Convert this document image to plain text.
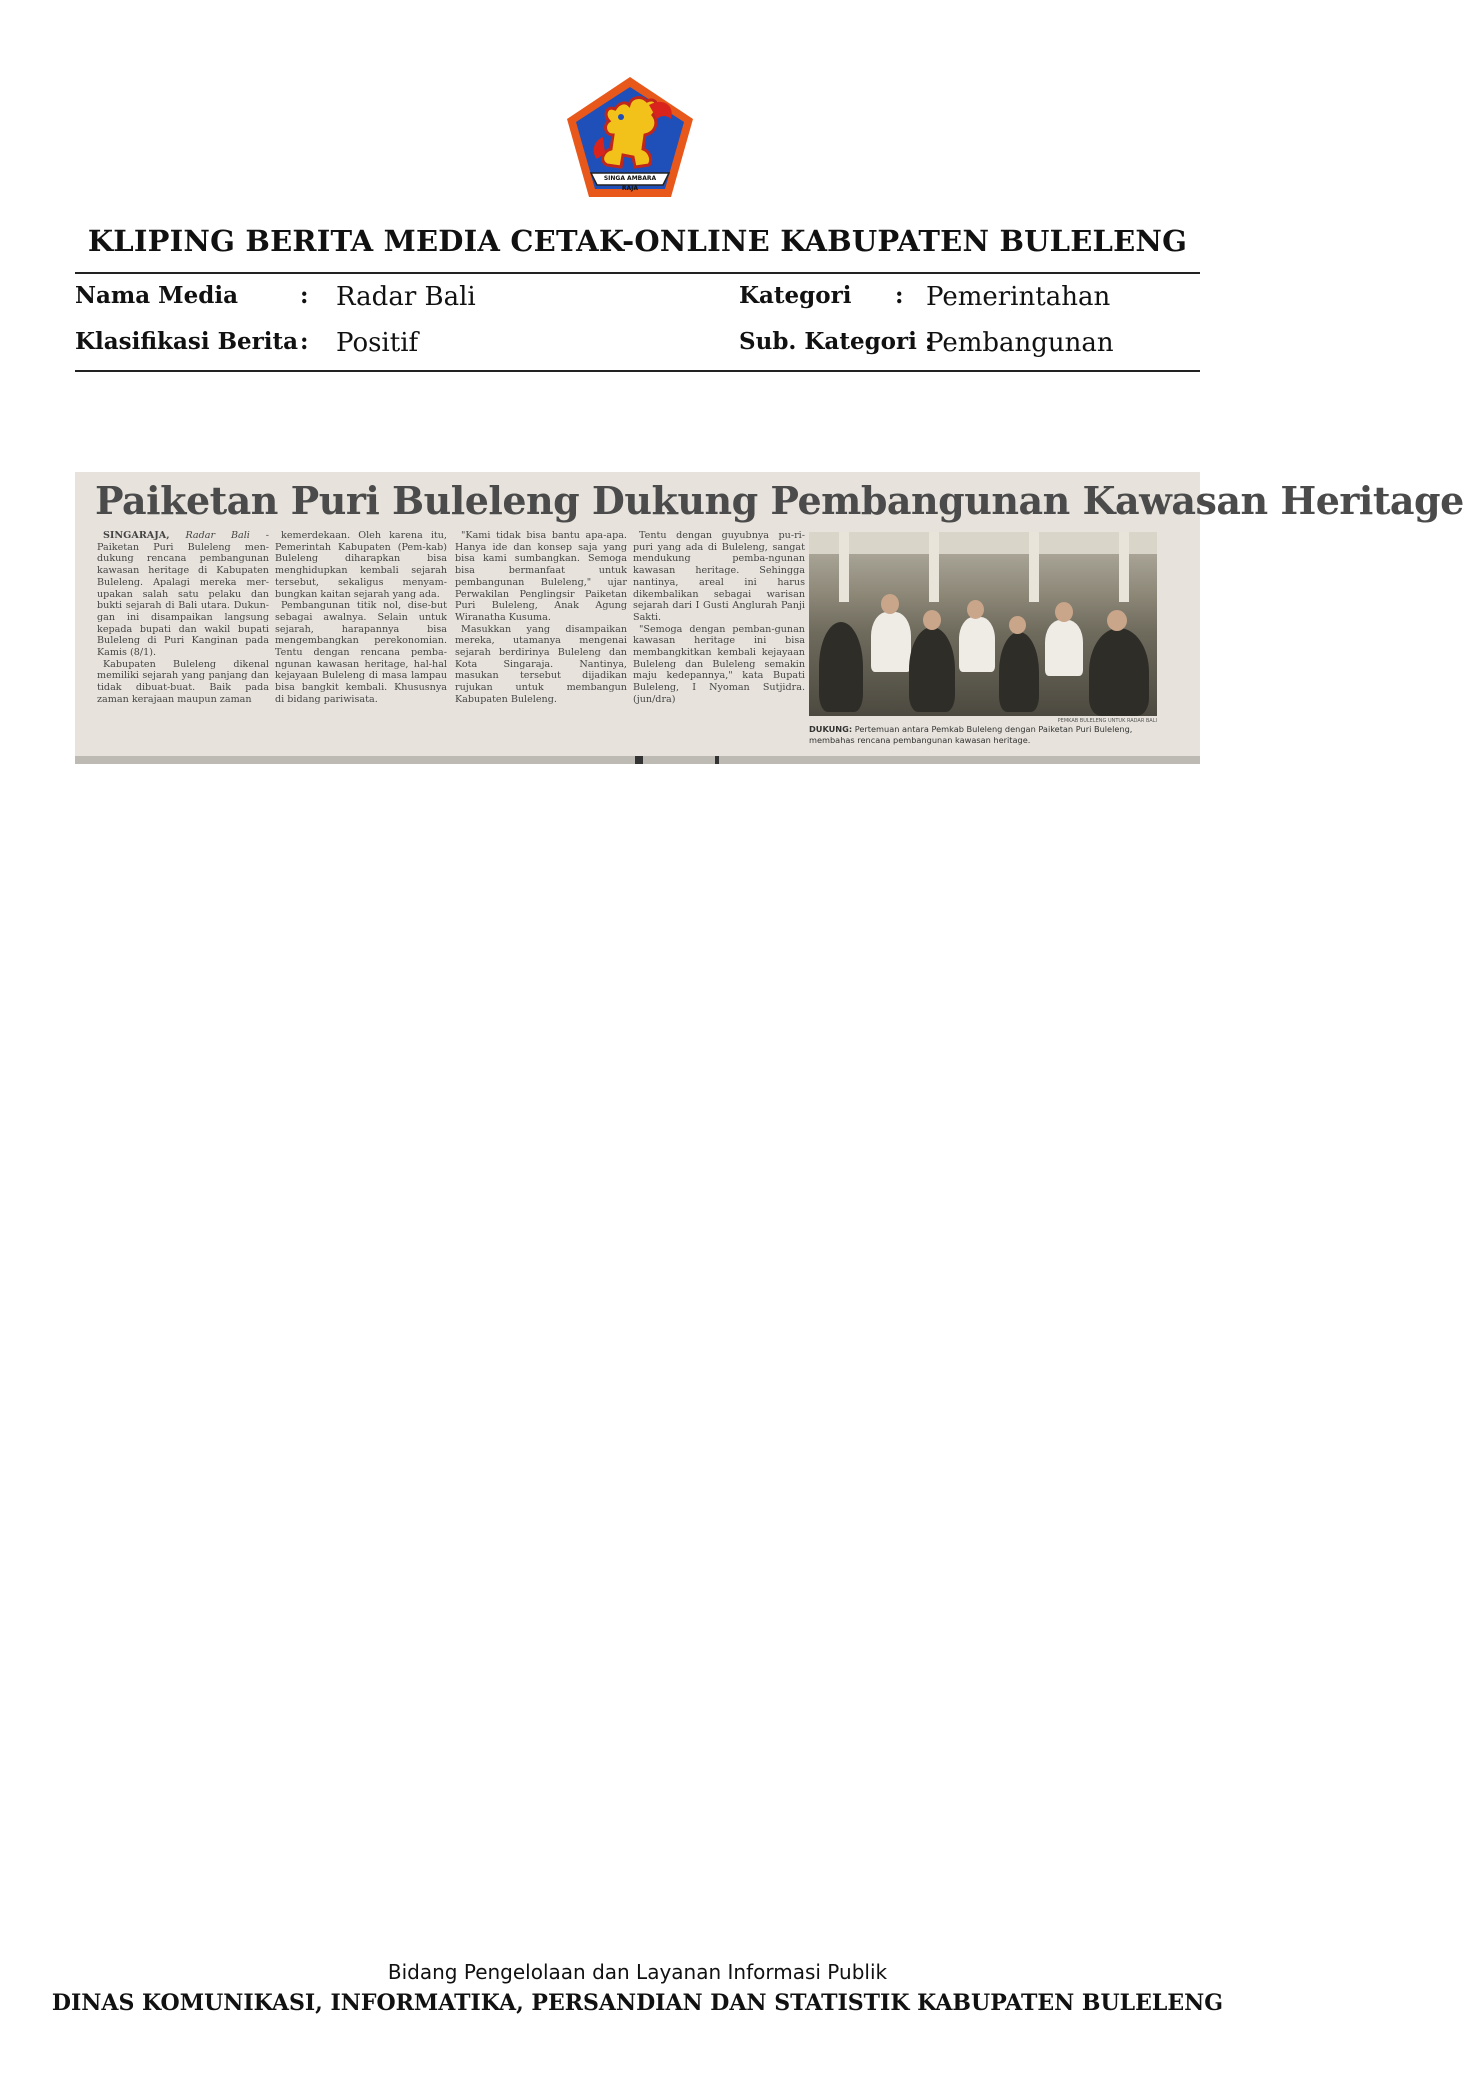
SINGA AMBARA RAJA
KLIPING BERITA MEDIA CETAK-ONLINE KABUPATEN BULELENG
Nama Media	: Radar Bali	Kategori : Pemerintahan
Klasifikasi Berita : Positif	Sub. Kategori :
Pembangunan
Paiketan Puri Buleleng Dukung Pembangunan Kawasan Heritage

SINGARAJA, Radar Bali - Paiketan Puri Buleleng men-dukung rencana pembangunan kawasan heritage di Kabupaten Buleleng. Apalagi mereka mer-upakan salah satu pelaku dan bukti sejarah di Bali utara. Dukun-gan ini disampaikan langsung kepada bupati dan wakil bupati Buleleng di Puri Kanginan pada Kamis (8/1).

Kabupaten Buleleng dikenal memiliki sejarah yang panjang dan tidak dibuat-buat. Baik pada zaman kerajaan maupun zaman

kemerdekaan. Oleh karena itu, Pemerintah Kabupaten (Pem-kab) Buleleng diharapkan bisa menghidupkan kembali sejarah tersebut, sekaligus menyam-bungkan kaitan sejarah yang ada.

Pembangunan titik nol, dise-but sebagai awalnya. Selain untuk sejarah, harapannya bisa mengembangkan perekonomian. Tentu dengan rencana pemba-ngunan kawasan heritage, hal-hal kejayaan Buleleng di masa lampau bisa bangkit kembali. Khususnya di bidang pariwisata.

"Kami tidak bisa bantu apa-apa. Hanya ide dan konsep saja yang bisa kami sumbangkan. Semoga bisa bermanfaat untuk pembangunan Buleleng," ujar Perwakilan Penglingsir Paiketan Puri Buleleng, Anak Agung Wiranatha Kusuma.

Masukkan yang disampaikan mereka, utamanya mengenai sejarah berdirinya Buleleng dan Kota Singaraja. Nantinya, masukan tersebut dijadikan rujukan untuk membangun Kabupaten Buleleng.

Tentu dengan guyubnya pu-ri-puri yang ada di Buleleng, sangat mendukung pemba-ngunan kawasan heritage. Sehingga nantinya, areal ini harus dikembalikan sebagai warisan sejarah dari I Gusti Anglurah Panji Sakti.

"Semoga dengan pemban-gunan kawasan heritage ini bisa membangkitkan kembali kejayaan Buleleng dan Buleleng semakin maju kedepannya," kata Bupati Buleleng, I Nyoman Sutjidra. (jun/dra)

PEMKAB BULELENG UNTUK RADAR BALI
DUKUNG: Pertemuan antara Pemkab Buleleng dengan Paiketan Puri Buleleng, membahas rencana pembangunan kawasan heritage.
Bidang Pengelolaan dan Layanan Informasi Publik
DINAS KOMUNIKASI, INFORMATIKA, PERSANDIAN DAN STATISTIK KABUPATEN BULELENG
